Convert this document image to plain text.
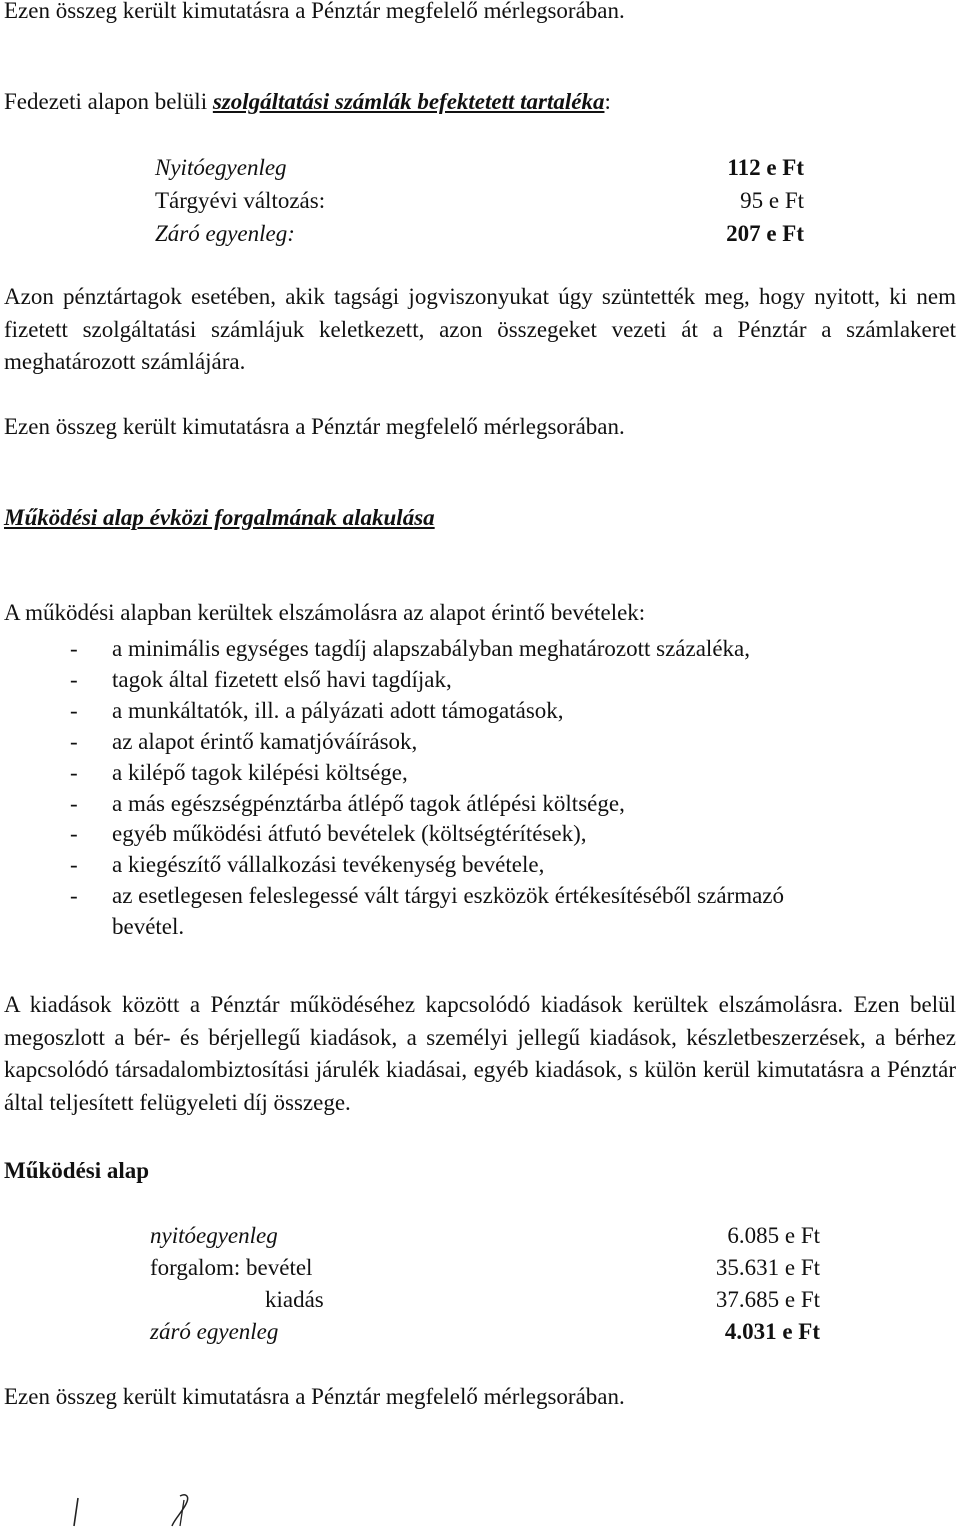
Ezen összeg került kimutatásra a Pénztár megfelelő mérlegsorában.
Fedezeti alapon belüli szolgáltatási számlák befektetett tartaléka:
Nyitóegyenleg	112 e Ft
Tárgyévi változás:	95 e Ft
Záró egyenleg:	207 e Ft
Azon pénztártagok esetében, akik tagsági jogviszonyukat úgy szüntették meg, hogy nyitott, ki nem fizetett szolgáltatási számlájuk keletkezett, azon összegeket vezeti át a Pénztár a számlakeret meghatározott számlájára.
Ezen összeg került kimutatásra a Pénztár megfelelő mérlegsorában.
Működési alap évközi forgalmának alakulása
A működési alapban kerültek elszámolásra az alapot érintő bevételek:
- a minimális egységes tagdíj alapszabályban meghatározott százaléka,
- tagok által fizetett első havi tagdíjak,
- a munkáltatók, ill. a pályázati adott támogatások,
- az alapot érintő kamatjóváírások,
- a kilépő tagok kilépési költsége,
- a más egészségpénztárba átlépő tagok átlépési költsége,
- egyéb működési átfutó bevételek (költségtérítések),
- a kiegészítő vállalkozási tevékenység bevétele,
- az esetlegesen feleslegessé vált tárgyi eszközök értékesítéséből származó bevétel.
A kiadások között a Pénztár működéséhez kapcsolódó kiadások kerültek elszámolásra. Ezen belül megoszlott a bér- és bérjellegű kiadások, a személyi jellegű kiadások, készletbeszerzések, a bérhez kapcsolódó társadalombiztosítási járulék kiadásai, egyéb kiadások, s külön kerül kimutatásra a Pénztár által teljesített felügyeleti díj összege.
Működési alap
nyitóegyenleg	6.085 e Ft
forgalom: bevétel	35.631 e Ft
kiadás	37.685 e Ft
záró egyenleg	4.031 e Ft
Ezen összeg került kimutatásra a Pénztár megfelelő mérlegsorában.
